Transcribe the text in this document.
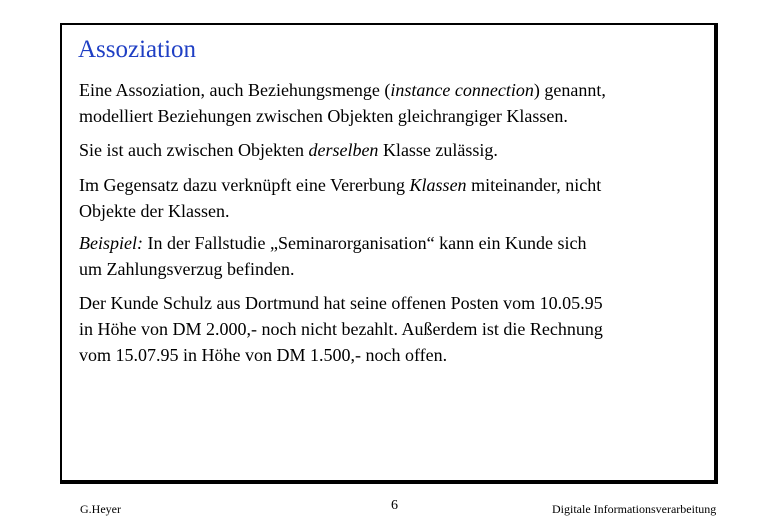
Assoziation

Eine Assoziation, auch Beziehungsmenge (instance connection) genannt,
modelliert Beziehungen zwischen Objekten gleichrangiger Klassen.

Sie ist auch zwischen Objekten derselben Klasse zulässig.

Im Gegensatz dazu verknüpft eine Vererbung Klassen miteinander, nicht
Objekte der Klassen.

Beispiel: In der Fallstudie „Seminarorganisation“ kann ein Kunde sich
um Zahlungsverzug befinden.

Der Kunde Schulz aus Dortmund hat seine offenen Posten vom 10.05.95
in Höhe von DM 2.000,- noch nicht bezahlt. Außerdem ist die Rechnung
vom 15.07.95 in Höhe von DM 1.500,- noch offen.

G.Heyer	6	Digitale Informationsverarbeitung
